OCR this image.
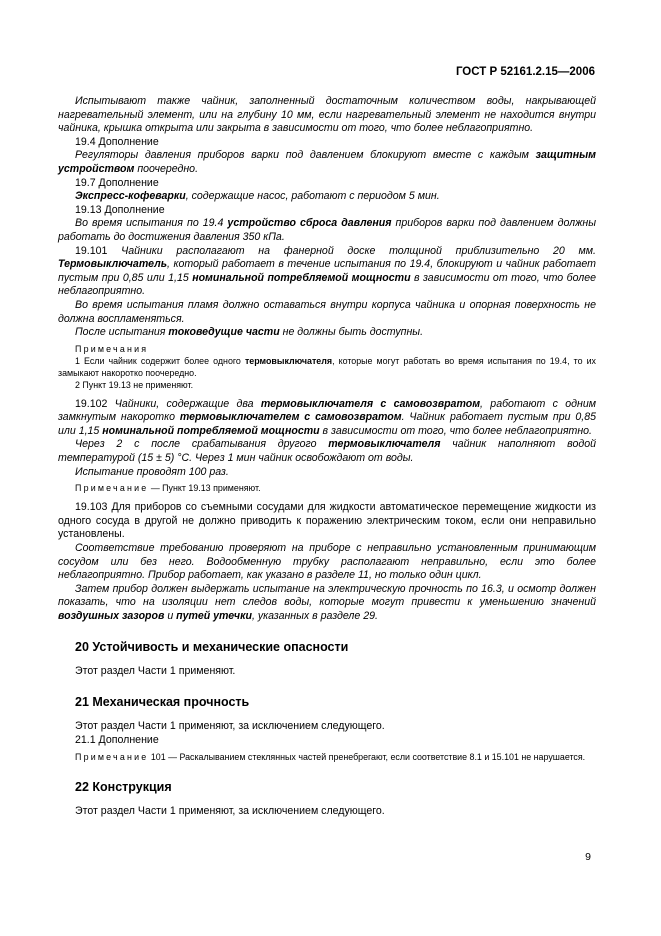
ГОСТ Р 52161.2.15—2006

Испытывают также чайник, заполненный достаточным количеством воды, накрывающей нагревательный элемент, или на глубину 10 мм, если нагревательный элемент не находится внутри чайника, крышка открыта или закрыта в зависимости от того, что более неблагоприятно.

19.4 Дополнение

Регуляторы давления приборов варки под давлением блокируют вместе с каждым защитным устройством поочередно.

19.7 Дополнение

Экспресс-кофеварки, содержащие насос, работают с периодом 5 мин.

19.13 Дополнение

Во время испытания по 19.4 устройство сброса давления приборов варки под давлением должны работать до достижения давления 350 кПа.

19.101 Чайники располагают на фанерной доске толщиной приблизительно 20 мм. Термовыключатель, который работает в течение испытания по 19.4, блокируют и чайник работает пустым при 0,85 или 1,15 номинальной потребляемой мощности в зависимости от того, что более неблагоприятно.

Во время испытания пламя должно оставаться внутри корпуса чайника и опорная поверхность не должна воспламеняться.

После испытания токоведущие части не должны быть доступны.

Примечания

1 Если чайник содержит более одного термовыключателя, которые могут работать во время испытания по 19.4, то их замыкают накоротко поочередно.

2 Пункт 19.13 не применяют.

19.102 Чайники, содержащие два термовыключателя с самовозвратом, работают с одним замкнутым накоротко термовыключателем с самовозвратом. Чайник работает пустым при 0,85 или 1,15 номинальной потребляемой мощности в зависимости от того, что более неблагоприятно.

Через 2 с после срабатывания другого термовыключателя чайник наполняют водой температурой (15 ± 5) °С. Через 1 мин чайник освобождают от воды.

Испытание проводят 100 раз.

Примечание — Пункт 19.13 применяют.

19.103 Для приборов со съемными сосудами для жидкости автоматическое перемещение жидкости из одного сосуда в другой не должно приводить к поражению электрическим током, если они неправильно установлены.

Соответствие требованию проверяют на приборе с неправильно установленным принимающим сосудом или без него. Водообменную трубку располагают неправильно, если это более неблагоприятно. Прибор работает, как указано в разделе 11, но только один цикл.

Затем прибор должен выдержать испытание на электрическую прочность по 16.3, и осмотр должен показать, что на изоляции нет следов воды, которые могут привести к уменьшению значений воздушных зазоров и путей утечки, указанных в разделе 29.

20 Устойчивость и механические опасности

Этот раздел Части 1 применяют.

21 Механическая прочность

Этот раздел Части 1 применяют, за исключением следующего.

21.1 Дополнение

Примечание 101 — Раскалыванием стеклянных частей пренебрегают, если соответствие 8.1 и 15.101 не нарушается.

22 Конструкция

Этот раздел Части 1 применяют, за исключением следующего.

9
